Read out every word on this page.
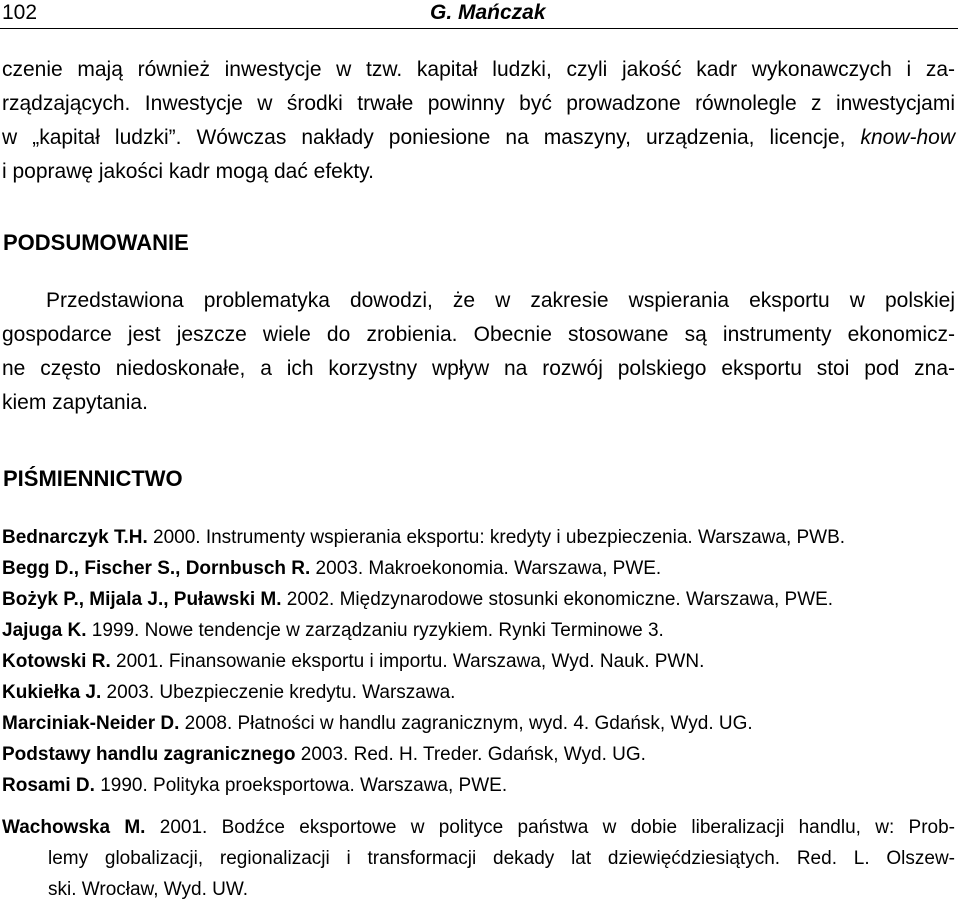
102	G. Mańczak
czenie mają również inwestycje w tzw. kapitał ludzki, czyli jakość kadr wykonawczych i za-
rządzających. Inwestycje w środki trwałe powinny być prowadzone równolegle z inwestycjami
w „kapitał ludzki”. Wówczas nakłady poniesione na maszyny, urządzenia, licencje, know-how
i poprawę jakości kadr mogą dać efekty.
PODSUMOWANIE
Przedstawiona problematyka dowodzi, że w zakresie wspierania eksportu w polskiej
gospodarce jest jeszcze wiele do zrobienia. Obecnie stosowane są instrumenty ekonomicz-
ne często niedoskonałe, a ich korzystny wpływ na rozwój polskiego eksportu stoi pod zna-
kiem zapytania.
PIŚMIENNICTWO
Bednarczyk T.H. 2000. Instrumenty wspierania eksportu: kredyty i ubezpieczenia. Warszawa, PWB.
Begg D., Fischer S., Dornbusch R. 2003. Makroekonomia. Warszawa, PWE.
Bożyk P., Mijala J., Puławski M. 2002. Międzynarodowe stosunki ekonomiczne. Warszawa, PWE.
Jajuga K. 1999. Nowe tendencje w zarządzaniu ryzykiem. Rynki Terminowe 3.
Kotowski R. 2001. Finansowanie eksportu i importu. Warszawa, Wyd. Nauk. PWN.
Kukiełka J. 2003. Ubezpieczenie kredytu. Warszawa.
Marciniak-Neider D. 2008. Płatności w handlu zagranicznym, wyd. 4. Gdańsk, Wyd. UG.
Podstawy handlu zagranicznego 2003. Red. H. Treder. Gdańsk, Wyd. UG.
Rosami D. 1990. Polityka proeksportowa. Warszawa, PWE.
Wachowska M. 2001. Bodźce eksportowe w polityce państwa w dobie liberalizacji handlu, w: Prob-
lemy globalizacji, regionalizacji i transformacji dekady lat dziewięćdziesiątych. Red. L. Olszew-
ski. Wrocław, Wyd. UW.
